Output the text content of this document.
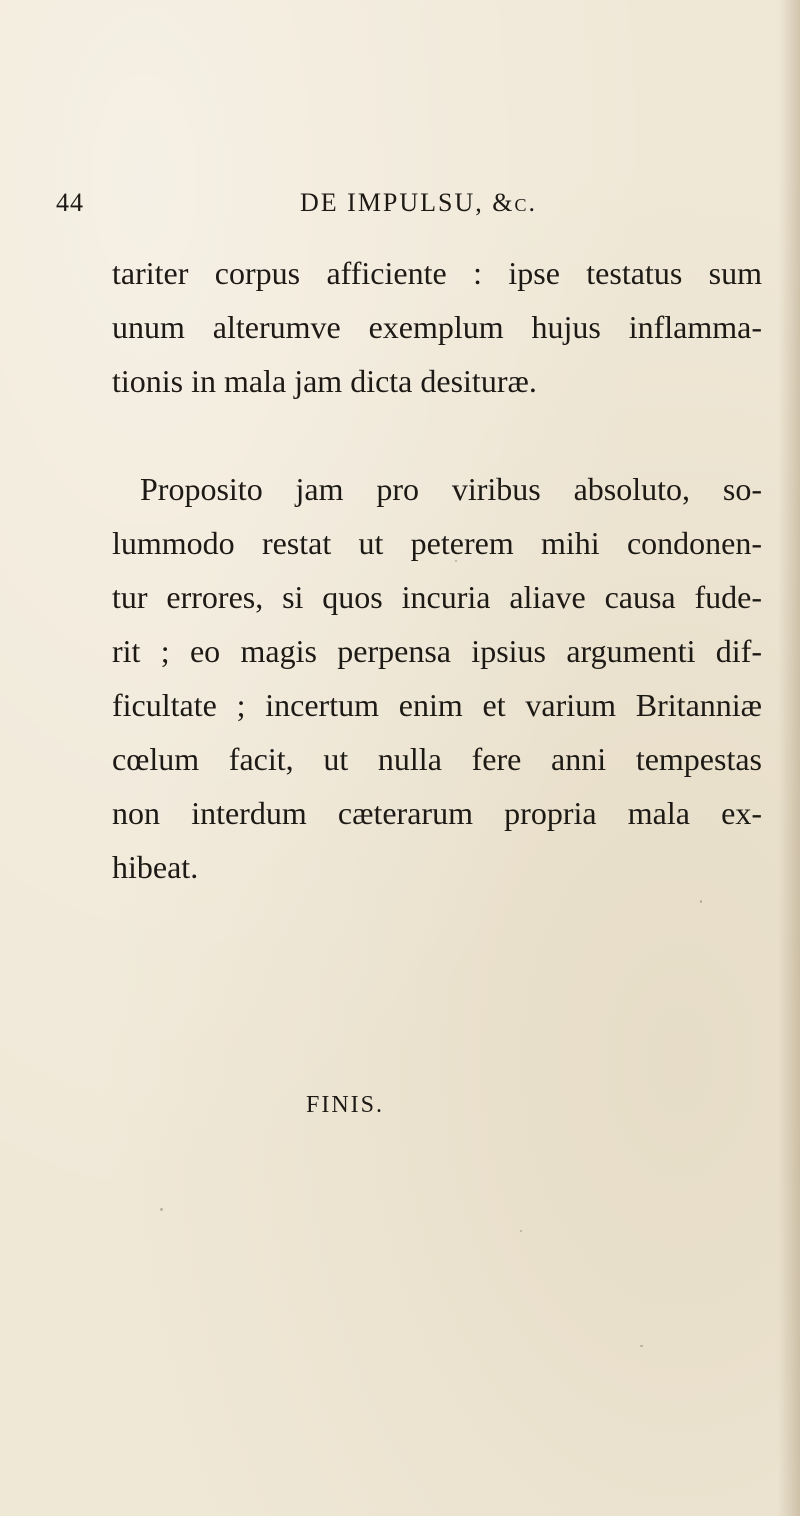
44	DE IMPULSU, &c.
tariter corpus afficiente : ipse testatus sum
unum alterumve exemplum hujus inflamma-
tionis in mala jam dicta desituræ.
Proposito jam pro viribus absoluto, so-
lummodo restat ut peterem mihi condonen-
tur errores, si quos incuria aliave causa fude-
rit ; eo magis perpensa ipsius argumenti dif-
ficultate ; incertum enim et varium Britanniæ
cœlum facit, ut nulla fere anni tempestas
non interdum cæterarum propria mala ex-
hibeat.
FINIS.
